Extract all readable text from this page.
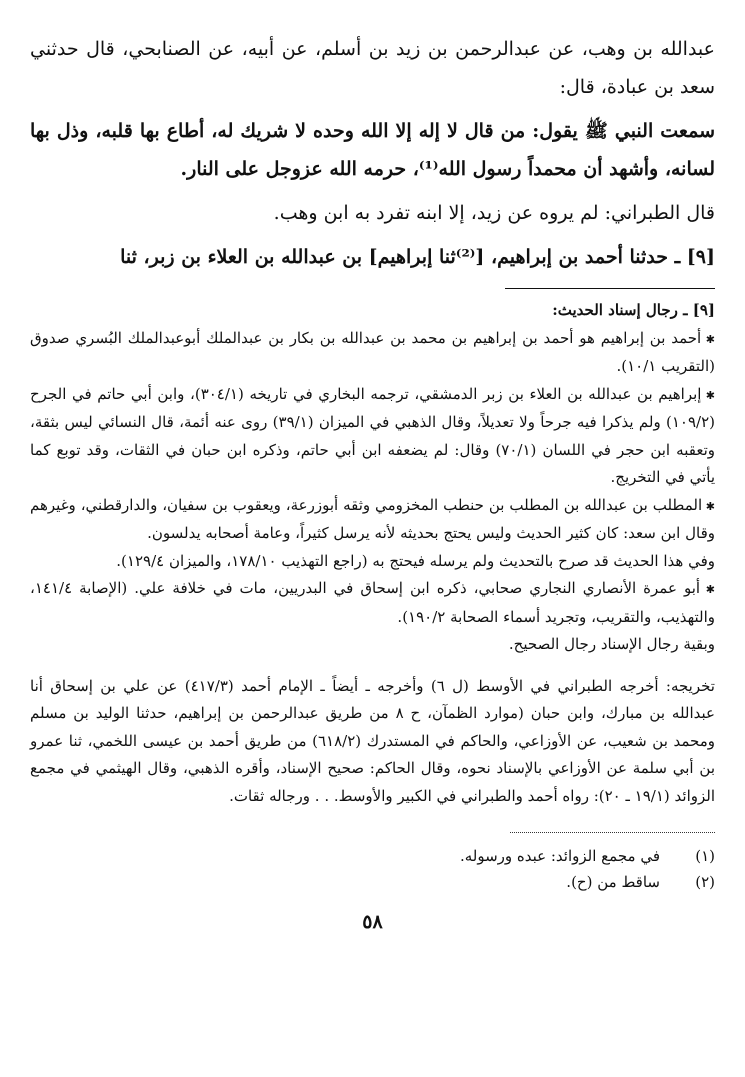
عبدالله بن وهب، عن عبدالرحمن بن زيد بن أسلم، عن أبيه، عن الصنابحي، قال حدثني سعد بن عبادة، قال:

سمعت النبي ﷺ يقول: من قال لا إله إلا الله وحده لا شريك له، أطاع بها قلبه، وذل بها لسانه، وأشهد أن محمداً رسول الله⁽¹⁾، حرمه الله عزوجل على النار.

قال الطبراني: لم يروه عن زيد، إلا ابنه تفرد به ابن وهب.

[٩] ـ حدثنا أحمد بن إبراهيم، [⁽²⁾ثنا إبراهيم] بن عبدالله بن العلاء بن زبر، ثنا

[٩] ـ رجال إسناد الحديث:

✱ أحمد بن إبراهيم هو أحمد بن إبراهيم بن محمد بن عبدالله بن بكار بن عبدالملك أبوعبدالملك البُسري صدوق (التقريب ١٠/١).

✱ إبراهيم بن عبدالله بن العلاء بن زبر الدمشقي، ترجمه البخاري في تاريخه (٣٠٤/١)، وابن أبي حاتم في الجرح (١٠٩/٢) ولم يذكرا فيه جرحاً ولا تعديلاً، وقال الذهبي في الميزان (٣٩/١) روى عنه أئمة، قال النسائي ليس بثقة، وتعقبه ابن حجر في اللسان (٧٠/١) وقال: لم يضعفه ابن أبي حاتم، وذكره ابن حبان في الثقات، وقد توبع كما يأتي في التخريج.

✱ المطلب بن عبدالله بن المطلب بن حنطب المخزومي وثقه أبوزرعة، ويعقوب بن سفيان، والدارقطني، وغيرهم وقال ابن سعد: كان كثير الحديث وليس يحتج بحديثه لأنه يرسل كثيراً، وعامة أصحابه يدلسون.

وفي هذا الحديث قد صرح بالتحديث ولم يرسله فيحتج به (راجع التهذيب ١٧٨/١٠، والميزان ١٢٩/٤).

✱ أبو عمرة الأنصاري النجاري صحابي، ذكره ابن إسحاق في البدريين، مات في خلافة علي. (الإصابة ١٤١/٤، والتهذيب، والتقريب، وتجريد أسماء الصحابة ١٩٠/٢).

وبقية رجال الإسناد رجال الصحيح.

تخريجه: أخرجه الطبراني في الأوسط (ل ٦) وأخرجه ـ أيضاً ـ الإمام أحمد (٤١٧/٣) عن علي بن إسحاق أنا عبدالله بن مبارك، وابن حبان (موارد الظمآن، ح ٨ من طريق عبدالرحمن بن إبراهيم، حدثنا الوليد بن مسلم ومحمد بن شعيب، عن الأوزاعي، والحاكم في المستدرك (٦١٨/٢) من طريق أحمد بن عيسى اللخمي، ثنا عمرو بن أبي سلمة عن الأوزاعي بالإسناد نحوه، وقال الحاكم: صحيح الإسناد، وأقره الذهبي، وقال الهيثمي في مجمع الزوائد (١٩/١ ـ ٢٠): رواه أحمد والطبراني في الكبير والأوسط. . . ورجاله ثقات.

(١)
في مجمع الزوائد: عبده ورسوله.
(٢)
ساقط من (ح).
٥٨
